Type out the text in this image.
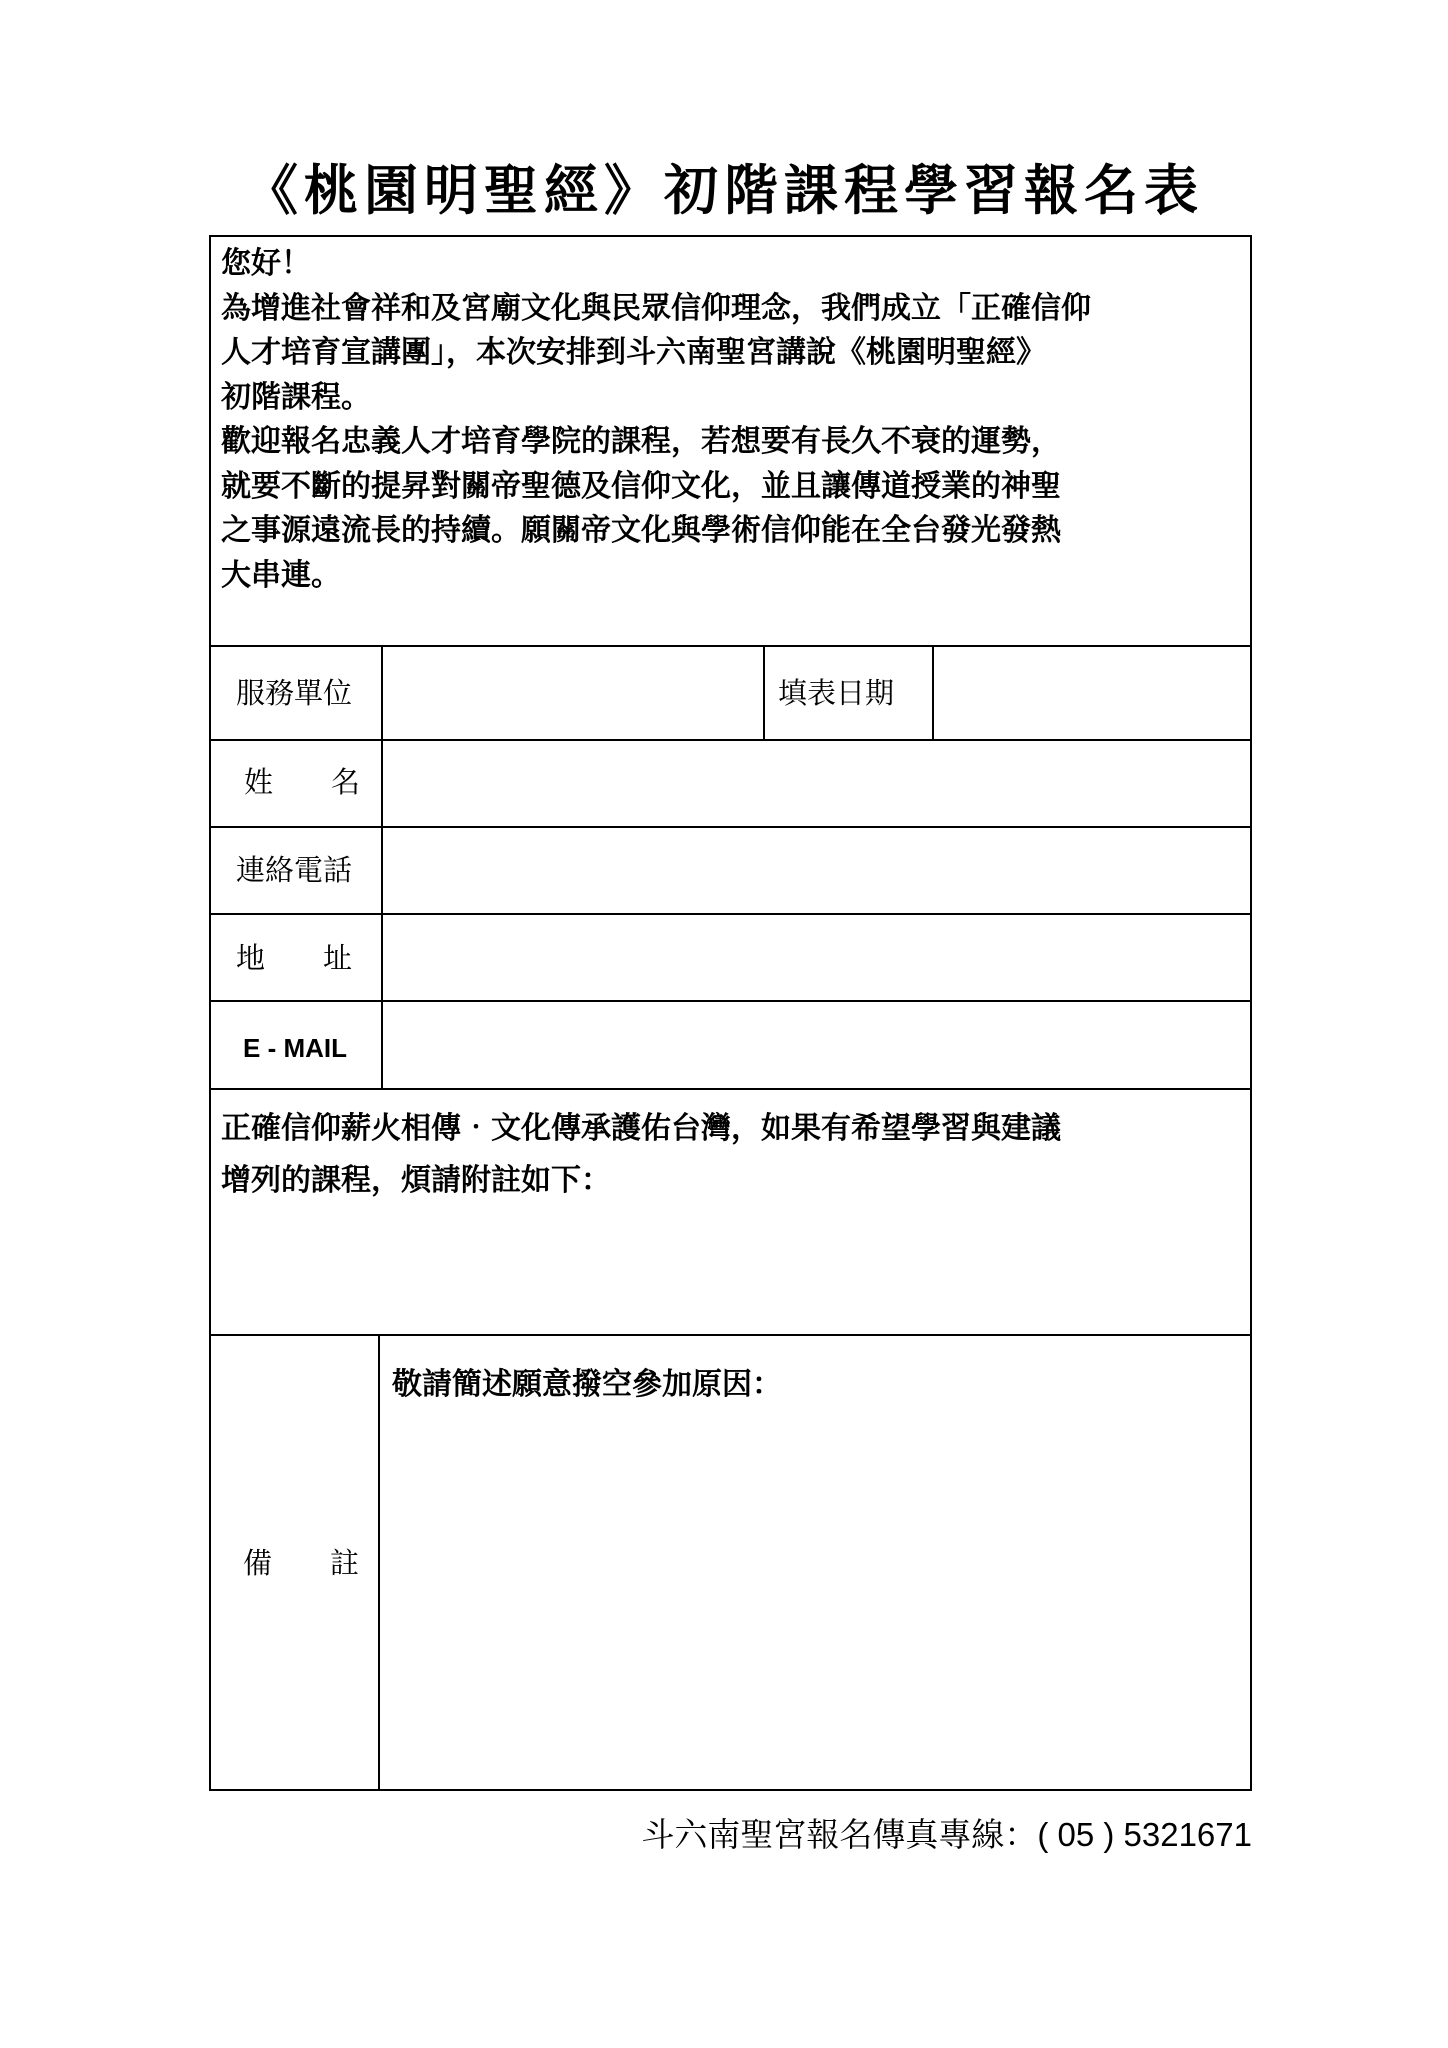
《桃園明聖經》初階課程學習報名表

您好！

為增進社會祥和及宮廟文化與民眾信仰理念，我們成立「正確信仰

人才培育宣講團」，本次安排到斗六南聖宮講說《桃園明聖經》

初階課程。

歡迎報名忠義人才培育學院的課程，若想要有長久不衰的運勢，

就要不斷的提昇對關帝聖德及信仰文化，並且讓傳道授業的神聖

之事源遠流長的持續。願關帝文化與學術信仰能在全台發光發熱

大串連。

服務單位	填表日期
姓　　名
連絡電話
地　　址
E - MAIL

正確信仰薪火相傳‧文化傳承護佑台灣，如果有希望學習與建議

增列的課程，煩請附註如下：

備　　註
敬請簡述願意撥空參加原因：
斗六南聖宮報名傳真專線：( 05 ) 5321671
